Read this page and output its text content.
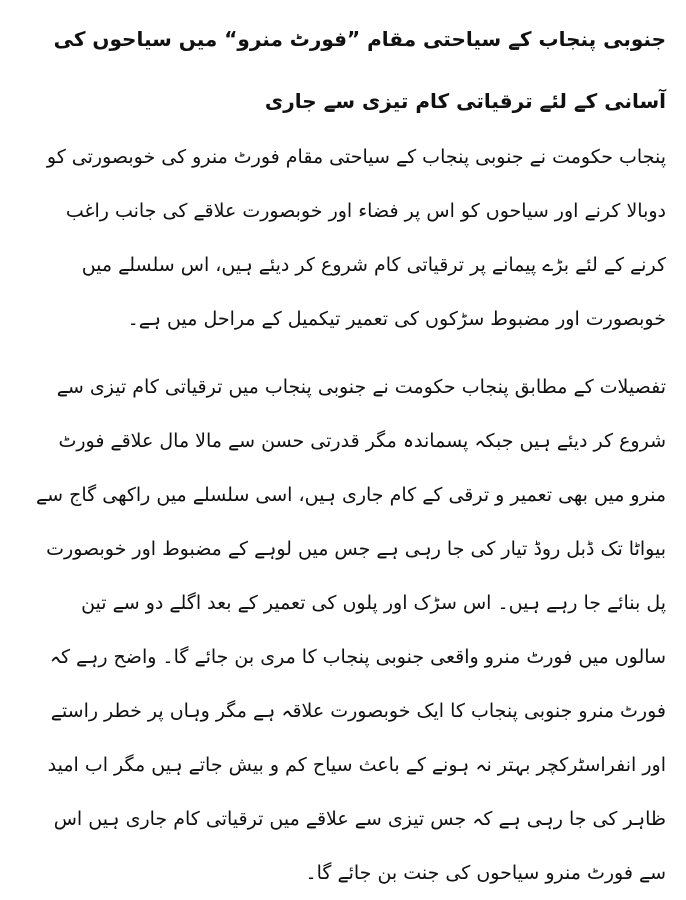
جنوبی پنجاب کے سیاحتی مقام ”فورٹ منرو“ میں سیاحوں کی آسانی کے لئے ترقیاتی کام تیزی سے جاری

پنجاب حکومت نے جنوبی پنجاب کے سیاحتی مقام فورٹ منرو کی خوبصورتی کو دوبالا کرنے اور سیاحوں کو اس پر فضاء اور خوبصورت علاقے کی جانب راغب کرنے کے لئے بڑے پیمانے پر ترقیاتی کام شروع کر دیئے ہیں، اس سلسلے میں خوبصورت اور مضبوط سڑکوں کی تعمیر تیکمیل کے مراحل میں ہے۔

تفصیلات کے مطابق پنجاب حکومت نے جنوبی پنجاب میں ترقیاتی کام تیزی سے شروع کر دیئے ہیں جبکہ پسماندہ مگر قدرتی حسن سے مالا مال علاقے فورٹ منرو میں بھی تعمیر و ترقی کے کام جاری ہیں، اسی سلسلے میں راکھی گاج سے بیواٹا تک ڈبل روڈ تیار کی جا رہی ہے جس میں لوہے کے مضبوط اور خوبصورت پل بنائے جا رہے ہیں۔ اس سڑک اور پلوں کی تعمیر کے بعد اگلے دو سے تین سالوں میں فورٹ منرو واقعی جنوبی پنجاب کا مری بن جائے گا۔ واضح رہے کہ فورٹ منرو جنوبی پنجاب کا ایک خوبصورت علاقہ ہے مگر وہاں پر خطر راستے اور انفراسٹرکچر بہتر نہ ہونے کے باعث سیاح کم و بیش جاتے ہیں مگر اب امید ظاہر کی جا رہی ہے کہ جس تیزی سے علاقے میں ترقیاتی کام جاری ہیں اس سے فورٹ منرو سیاحوں کی جنت بن جائے گا۔
